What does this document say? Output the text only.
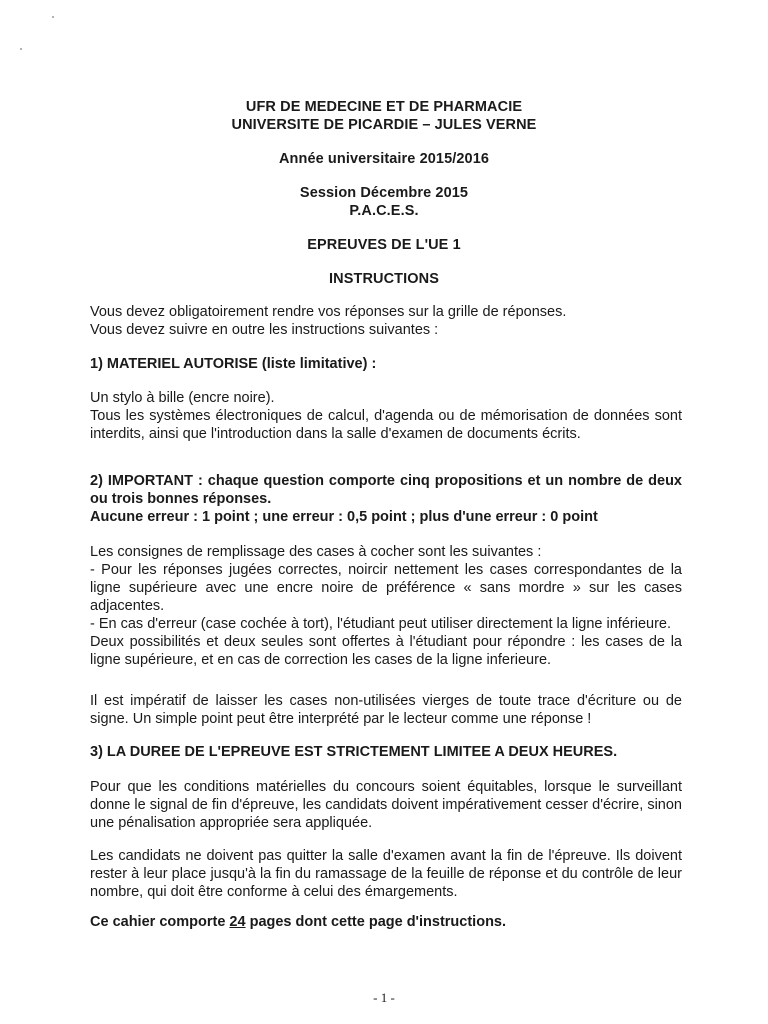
UFR DE MEDECINE ET DE PHARMACIE
UNIVERSITE DE PICARDIE – JULES VERNE
Année universitaire 2015/2016
Session Décembre 2015
P.A.C.E.S.
EPREUVES DE L'UE 1
INSTRUCTIONS

Vous devez obligatoirement rendre vos réponses sur la grille de réponses.

Vous devez suivre en outre les instructions suivantes :

1) MATERIEL AUTORISE (liste limitative) :

Un stylo à bille (encre noire).

Tous les systèmes électroniques de calcul, d'agenda ou de mémorisation de données sont interdits, ainsi que l'introduction dans la salle d'examen de documents écrits.

2) IMPORTANT : chaque question comporte cinq propositions et un nombre de deux ou trois bonnes réponses.
Aucune erreur : 1 point ; une erreur : 0,5 point ; plus d'une erreur : 0 point

Les consignes de remplissage des cases à cocher sont les suivantes :

- Pour les réponses jugées correctes, noircir nettement les cases correspondantes de la ligne supérieure avec une encre noire de préférence « sans mordre » sur les cases adjacentes.

- En cas d'erreur (case cochée à tort), l'étudiant peut utiliser directement la ligne inférieure.

Deux possibilités et deux seules sont offertes à l'étudiant pour répondre : les cases de la ligne supérieure, et en cas de correction les cases de la ligne inferieure.

Il est impératif de laisser les cases non-utilisées vierges de toute trace d'écriture ou de signe. Un simple point peut être interprété par le lecteur comme une réponse !
3) LA DUREE DE L'EPREUVE EST STRICTEMENT LIMITEE A DEUX HEURES.
Pour que les conditions matérielles du concours soient équitables, lorsque le surveillant donne le signal de fin d'épreuve, les candidats doivent impérativement cesser d'écrire, sinon une pénalisation appropriée sera appliquée.
Les candidats ne doivent pas quitter la salle d'examen avant la fin de l'épreuve. Ils doivent rester à leur place jusqu'à la fin du ramassage de la feuille de réponse et du contrôle de leur nombre, qui doit être conforme à celui des émargements.
Ce cahier comporte 24 pages dont cette page d'instructions.
- 1 -
